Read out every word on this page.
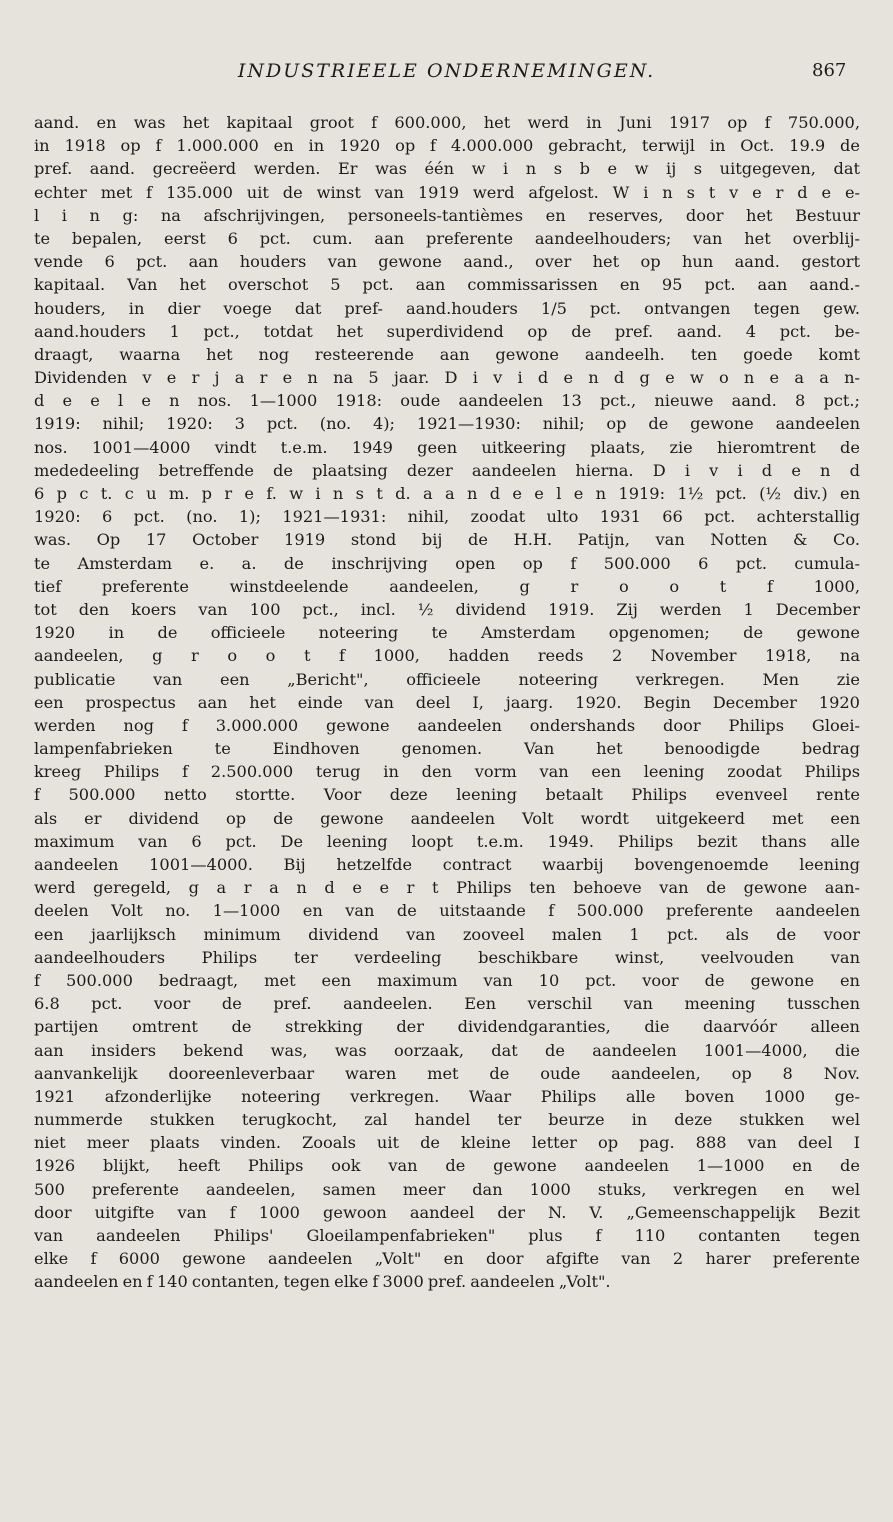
INDUSTRIEELE ONDERNEMINGEN.	867
aand. en was het kapitaal groot f 600.000, het werd in Juni 1917 op f 750.000,
in 1918 op f 1.000.000 en in 1920 op f 4.000.000 gebracht, terwijl in Oct. 19.9 de
pref. aand. gecreëerd werden. Er was één w i n s b e w ij s uitgegeven, dat
echter met f 135.000 uit de winst van 1919 werd afgelost. W i n s t v e r d e e-
l i n g: na afschrijvingen, personeels-tantièmes en reserves, door het Bestuur
te bepalen, eerst 6 pct. cum. aan preferente aandeelhouders; van het overblij-
vende 6 pct. aan houders van gewone aand., over het op hun aand. gestort
kapitaal. Van het overschot 5 pct. aan commissarissen en 95 pct. aan aand.-
houders, in dier voege dat pref- aand.houders 1/5 pct. ontvangen tegen gew.
aand.houders 1 pct., totdat het superdividend op de pref. aand. 4 pct. be-
draagt, waarna het nog resteerende aan gewone aandeelh. ten goede komt
Dividenden v e r j a r e n na 5 jaar. D i v i d e n d g e w o n e a a n-
d e e l e n nos. 1—1000 1918: oude aandeelen 13 pct., nieuwe aand. 8 pct.;
1919: nihil; 1920: 3 pct. (no. 4); 1921—1930: nihil; op de gewone aandeelen
nos. 1001—4000 vindt t.e.m. 1949 geen uitkeering plaats, zie hieromtrent de
mededeeling betreffende de plaatsing dezer aandeelen hierna. D i v i d e n d
6 p c t. c u m. p r e f. w i n s t d. a a n d e e l e n 1919: 1½ pct. (½ div.) en
1920: 6 pct. (no. 1); 1921—1931: nihil, zoodat ulto 1931 66 pct. achterstallig
was. Op 17 October 1919 stond bij de H.H. Patijn, van Notten & Co.
te Amsterdam e. a. de inschrijving open op f 500.000 6 pct. cumula-
tief preferente winstdeelende aandeelen, g r o o t f 1000,
tot den koers van 100 pct., incl. ½ dividend 1919. Zij werden 1 December
1920 in de officieele noteering te Amsterdam opgenomen; de gewone
aandeelen, g r o o t f 1000, hadden reeds 2 November 1918, na
publicatie van een „Bericht", officieele noteering verkregen. Men zie
een prospectus aan het einde van deel I, jaarg. 1920. Begin December 1920
werden nog f 3.000.000 gewone aandeelen ondershands door Philips Gloei-
lampenfabrieken te Eindhoven genomen. Van het benoodigde bedrag
kreeg Philips f 2.500.000 terug in den vorm van een leening zoodat Philips
f 500.000 netto stortte. Voor deze leening betaalt Philips evenveel rente
als er dividend op de gewone aandeelen Volt wordt uitgekeerd met een
maximum van 6 pct. De leening loopt t.e.m. 1949. Philips bezit thans alle
aandeelen 1001—4000. Bij hetzelfde contract waarbij bovengenoemde leening
werd geregeld, g a r a n d e e r t Philips ten behoeve van de gewone aan-
deelen Volt no. 1—1000 en van de uitstaande f 500.000 preferente aandeelen
een jaarlijksch minimum dividend van zooveel malen 1 pct. als de voor
aandeelhouders Philips ter verdeeling beschikbare winst, veelvouden van
f 500.000 bedraagt, met een maximum van 10 pct. voor de gewone en
6.8 pct. voor de pref. aandeelen. Een verschil van meening tusschen
partijen omtrent de strekking der dividendgaranties, die daarvóór alleen
aan insiders bekend was, was oorzaak, dat de aandeelen 1001—4000, die
aanvankelijk dooreenleverbaar waren met de oude aandeelen, op 8 Nov.
1921 afzonderlijke noteering verkregen. Waar Philips alle boven 1000 ge-
nummerde stukken terugkocht, zal handel ter beurze in deze stukken wel
niet meer plaats vinden. Zooals uit de kleine letter op pag. 888 van deel I
1926 blijkt, heeft Philips ook van de gewone aandeelen 1—1000 en de
500 preferente aandeelen, samen meer dan 1000 stuks, verkregen en wel
door uitgifte van f 1000 gewoon aandeel der N. V. „Gemeenschappelijk Bezit
van aandeelen Philips' Gloeilampenfabrieken" plus f 110 contanten tegen
elke f 6000 gewone aandeelen „Volt" en door afgifte van 2 harer preferente
aandeelen en f 140 contanten, tegen elke f 3000 pref. aandeelen „Volt".
